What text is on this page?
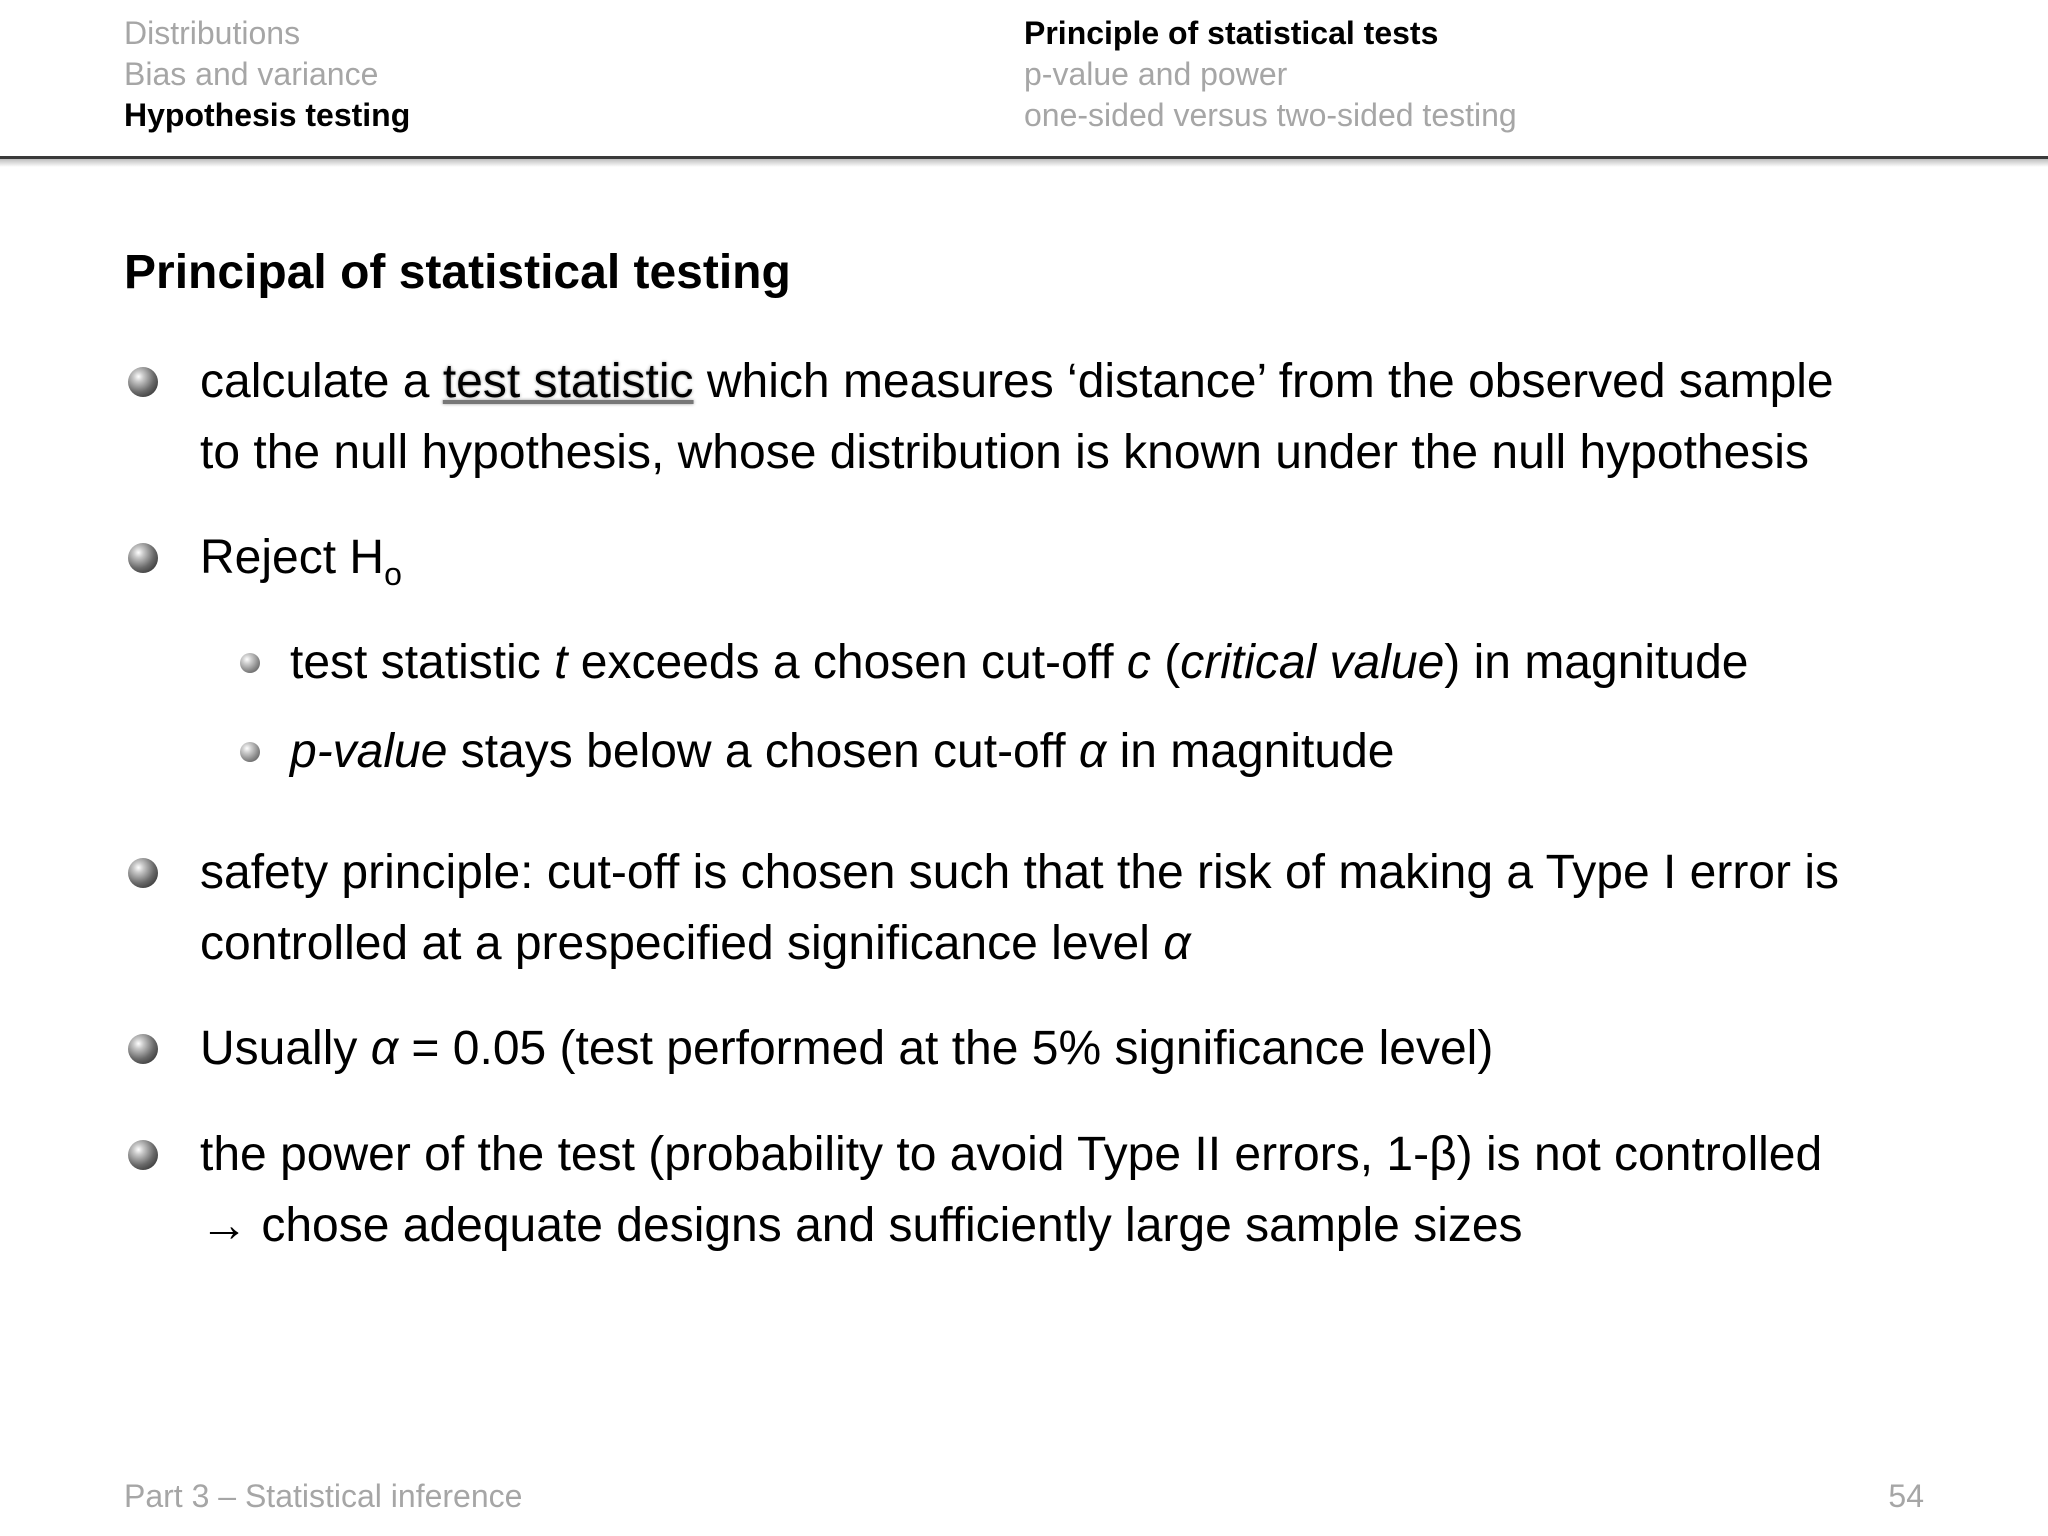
Distributions
Bias and variance
Hypothesis testing
Principle of statistical tests
p-value and power
one-sided versus two-sided testing
Principal of statistical testing
calculate a test statistic which measures ‘distance’ from the observed sample
to the null hypothesis, whose distribution is known under the null hypothesis
Reject $H_o$
test statistic t exceeds a chosen cut-off c (critical value) in magnitude
p-value stays below a chosen cut-off α in magnitude
safety principle: cut-off is chosen such that the risk of making a Type I error is
controlled at a prespecified significance level α
Usually α = 0.05 (test performed at the 5% significance level)
the power of the test (probability to avoid Type II errors, 1-β) is not controlled
→ chose adequate designs and sufficiently large sample sizes
Part 3 – Statistical inference	54
